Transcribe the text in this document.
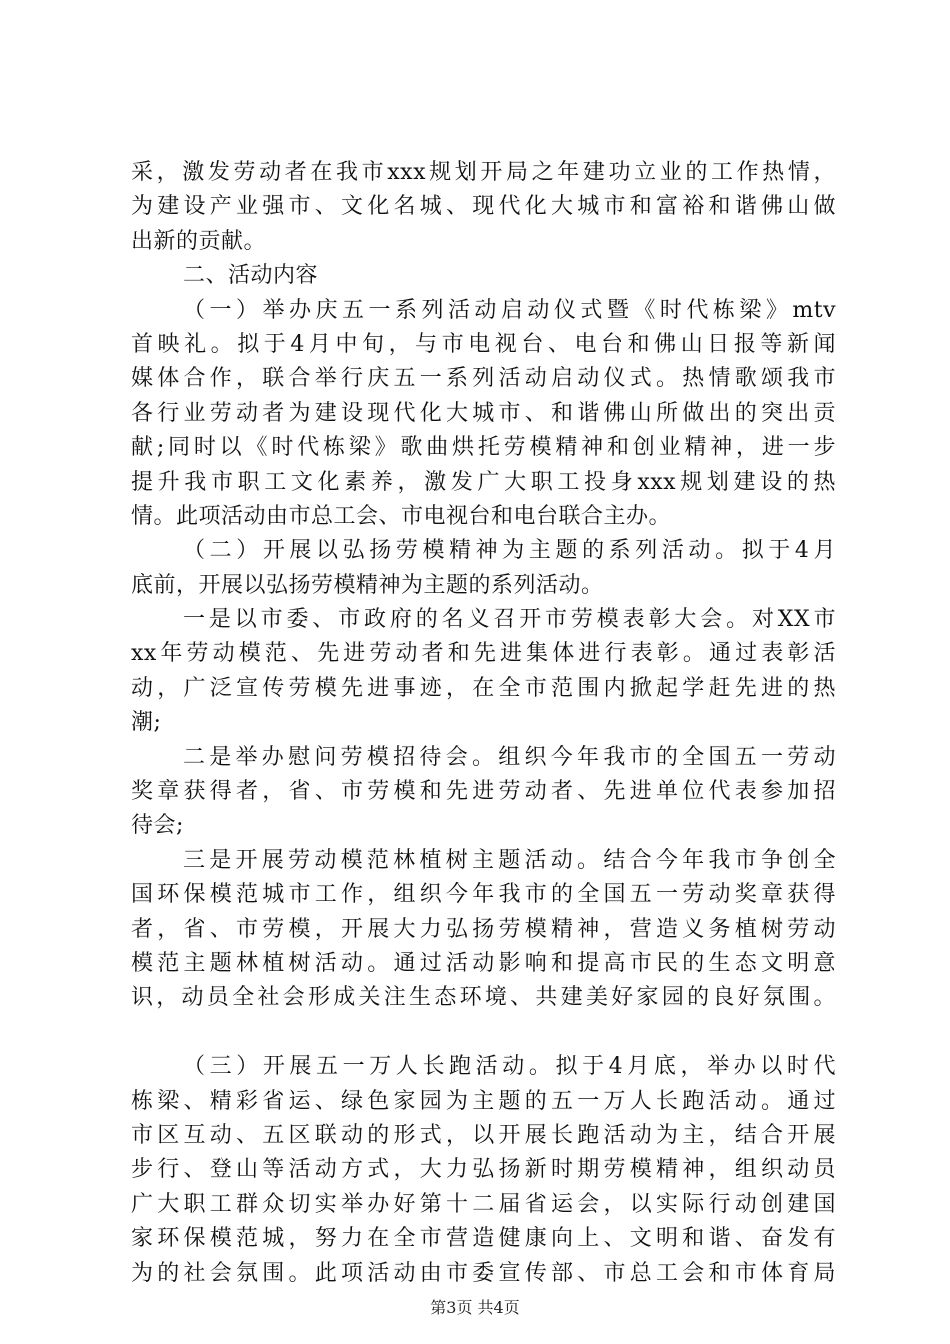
采，激发劳动者在我市xxx规划开局之年建功立业的工作热情，
为建设产业强市、文化名城、现代化大城市和富裕和谐佛山做
出新的贡献。
二、活动内容
（一）举办庆五一系列活动启动仪式暨《时代栋梁》mtv
首映礼。拟于4月中旬，与市电视台、电台和佛山日报等新闻
媒体合作，联合举行庆五一系列活动启动仪式。热情歌颂我市
各行业劳动者为建设现代化大城市、和谐佛山所做出的突出贡
献;同时以《时代栋梁》歌曲烘托劳模精神和创业精神，进一步
提升我市职工文化素养，激发广大职工投身xxx规划建设的热
情。此项活动由市总工会、市电视台和电台联合主办。
（二）开展以弘扬劳模精神为主题的系列活动。拟于4月
底前，开展以弘扬劳模精神为主题的系列活动。
一是以市委、市政府的名义召开市劳模表彰大会。对XX市
xx年劳动模范、先进劳动者和先进集体进行表彰。通过表彰活
动，广泛宣传劳模先进事迹，在全市范围内掀起学赶先进的热
潮;
二是举办慰问劳模招待会。组织今年我市的全国五一劳动
奖章获得者，省、市劳模和先进劳动者、先进单位代表参加招
待会;
三是开展劳动模范林植树主题活动。结合今年我市争创全
国环保模范城市工作，组织今年我市的全国五一劳动奖章获得
者，省、市劳模，开展大力弘扬劳模精神，营造义务植树劳动
模范主题林植树活动。通过活动影响和提高市民的生态文明意
识，动员全社会形成关注生态环境、共建美好家园的良好氛围。
（三）开展五一万人长跑活动。拟于4月底，举办以时代
栋梁、精彩省运、绿色家园为主题的五一万人长跑活动。通过
市区互动、五区联动的形式，以开展长跑活动为主，结合开展
步行、登山等活动方式，大力弘扬新时期劳模精神，组织动员
广大职工群众切实举办好第十二届省运会，以实际行动创建国
家环保模范城，努力在全市营造健康向上、文明和谐、奋发有
为的社会氛围。此项活动由市委宣传部、市总工会和市体育局
第3页 共4页
